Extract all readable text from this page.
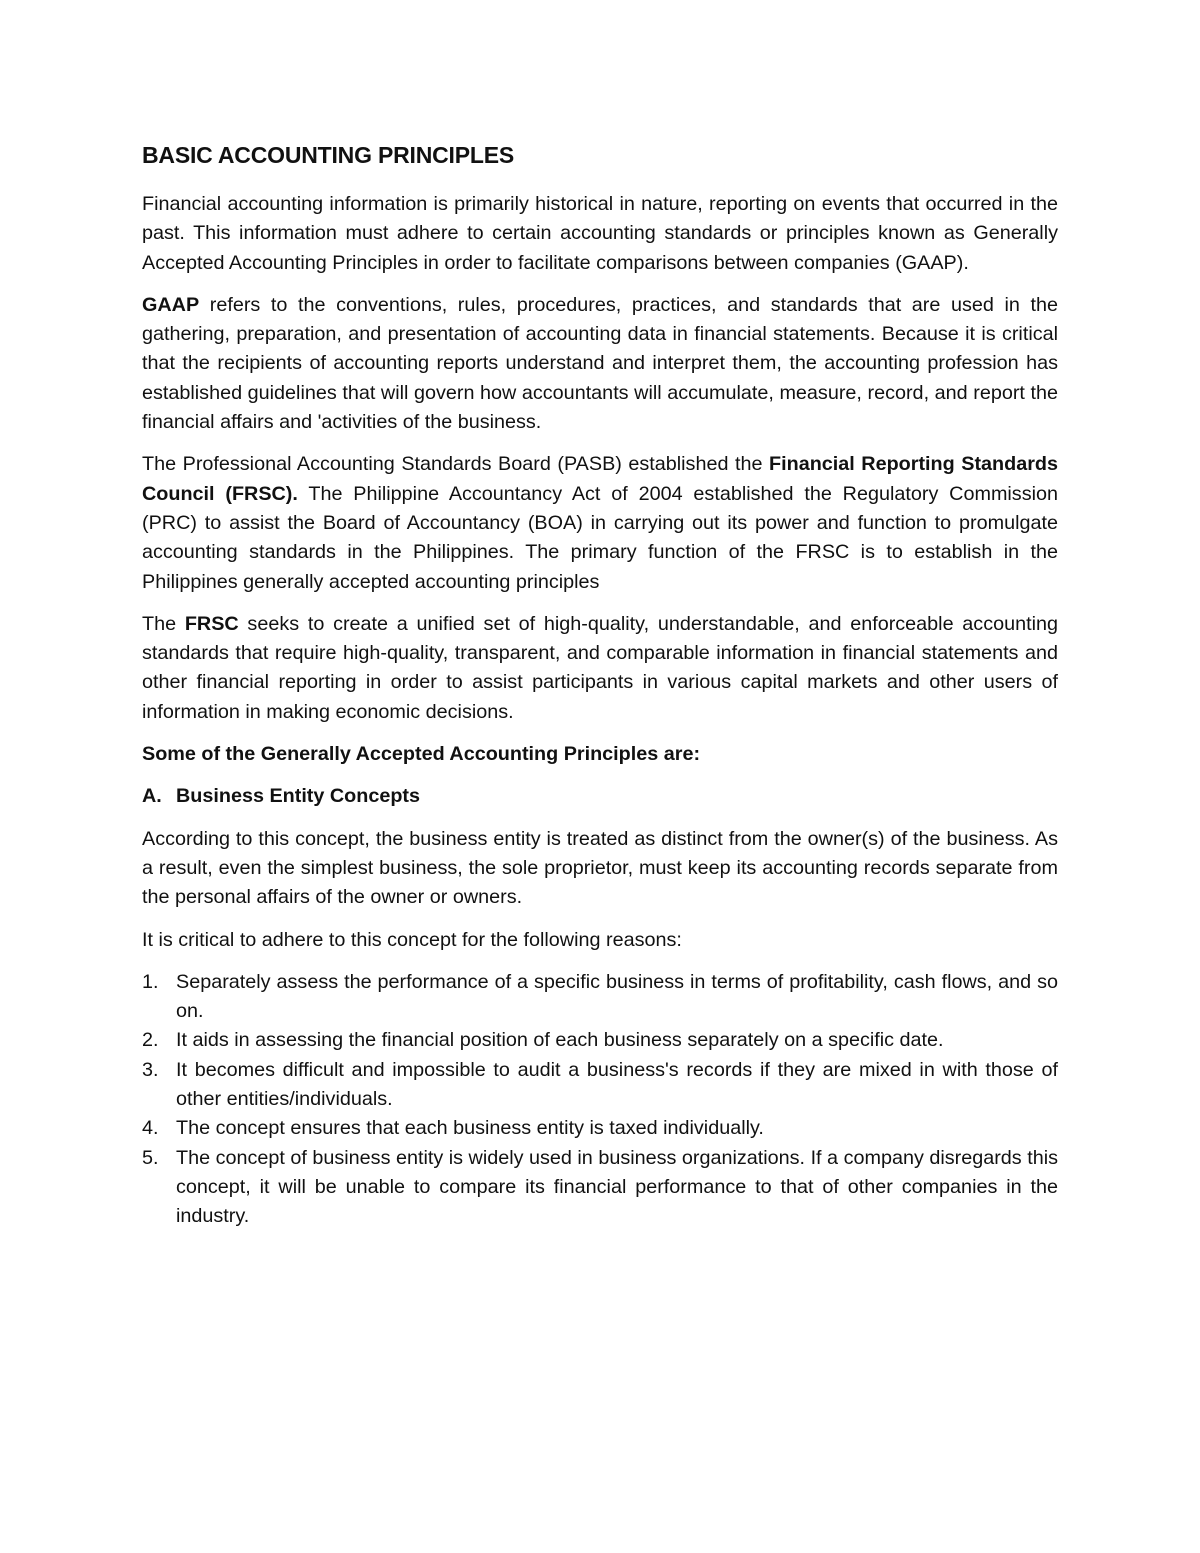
BASIC ACCOUNTING PRINCIPLES

Financial accounting information is primarily historical in nature, reporting on events that occurred in the past. This information must adhere to certain accounting standards or principles known as Generally Accepted Accounting Principles in order to facilitate comparisons between companies (GAAP).

GAAP refers to the conventions, rules, procedures, practices, and standards that are used in the gathering, preparation, and presentation of accounting data in financial statements. Because it is critical that the recipients of accounting reports understand and interpret them, the accounting profession has established guidelines that will govern how accountants will accumulate, measure, record, and report the financial affairs and 'activities of the business.

The Professional Accounting Standards Board (PASB) established the Financial Reporting Standards Council (FRSC). The Philippine Accountancy Act of 2004 established the Regulatory Commission (PRC) to assist the Board of Accountancy (BOA) in carrying out its power and function to promulgate accounting standards in the Philippines. The primary function of the FRSC is to establish in the Philippines generally accepted accounting principles

The FRSC seeks to create a unified set of high-quality, understandable, and enforceable accounting standards that require high-quality, transparent, and comparable information in financial statements and other financial reporting in order to assist participants in various capital markets and other users of information in making economic decisions.

Some of the Generally Accepted Accounting Principles are:
A. Business Entity Concepts

According to this concept, the business entity is treated as distinct from the owner(s) of the business. As a result, even the simplest business, the sole proprietor, must keep its accounting records separate from the personal affairs of the owner or owners.

It is critical to adhere to this concept for the following reasons:

1. Separately assess the performance of a specific business in terms of profitability, cash flows, and so on.
2. It aids in assessing the financial position of each business separately on a specific date.
3. It becomes difficult and impossible to audit a business's records if they are mixed in with those of other entities/individuals.
4. The concept ensures that each business entity is taxed individually.
5. The concept of business entity is widely used in business organizations. If a company disregards this concept, it will be unable to compare its financial performance to that of other companies in the industry.
